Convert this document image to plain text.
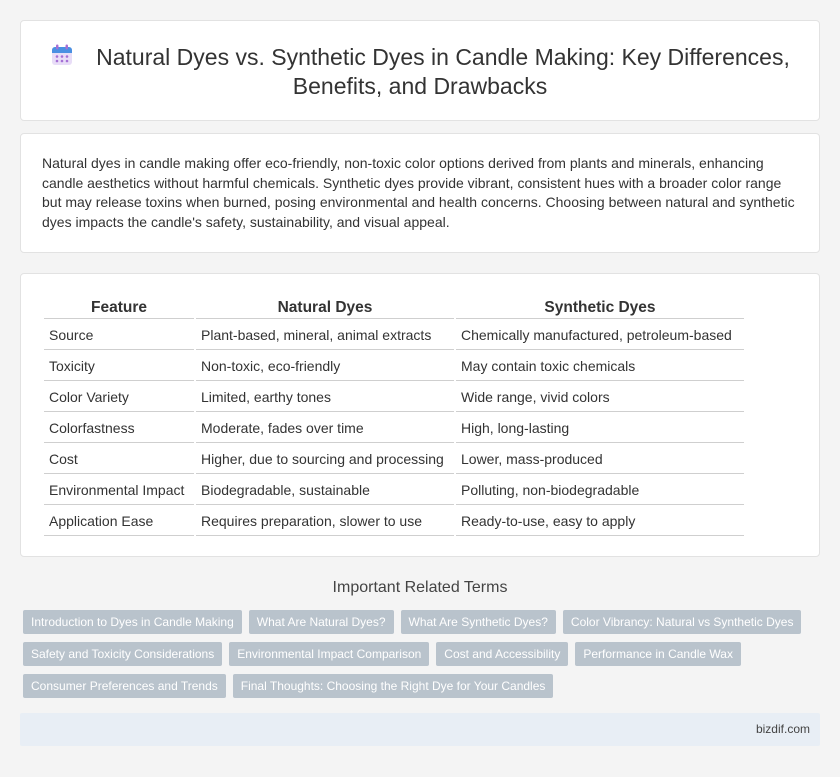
Natural Dyes vs. Synthetic Dyes in Candle Making: Key Differences, Benefits, and Drawbacks

Natural dyes in candle making offer eco-friendly, non-toxic color options derived from plants and minerals, enhancing candle aesthetics without harmful chemicals. Synthetic dyes provide vibrant, consistent hues with a broader color range but may release toxins when burned, posing environmental and health concerns. Choosing between natural and synthetic dyes impacts the candle's safety, sustainability, and visual appeal.

Feature	Natural Dyes	Synthetic Dyes
Source	Plant-based, mineral, animal extracts	Chemically manufactured, petroleum-based
Toxicity	Non-toxic, eco-friendly	May contain toxic chemicals
Color Variety	Limited, earthy tones	Wide range, vivid colors
Colorfastness	Moderate, fades over time	High, long-lasting
Cost	Higher, due to sourcing and processing	Lower, mass-produced
Environmental Impact	Biodegradable, sustainable	Polluting, non-biodegradable
Application Ease	Requires preparation, slower to use	Ready-to-use, easy to apply
Important Related Terms
Introduction to Dyes in Candle Making	What Are Natural Dyes?	What Are Synthetic Dyes?	Color Vibrancy: Natural vs Synthetic Dyes
Safety and Toxicity Considerations	Environmental Impact Comparison	Cost and Accessibility	Performance in Candle Wax
Consumer Preferences and Trends	Final Thoughts: Choosing the Right Dye for Your Candles
bizdif.com
